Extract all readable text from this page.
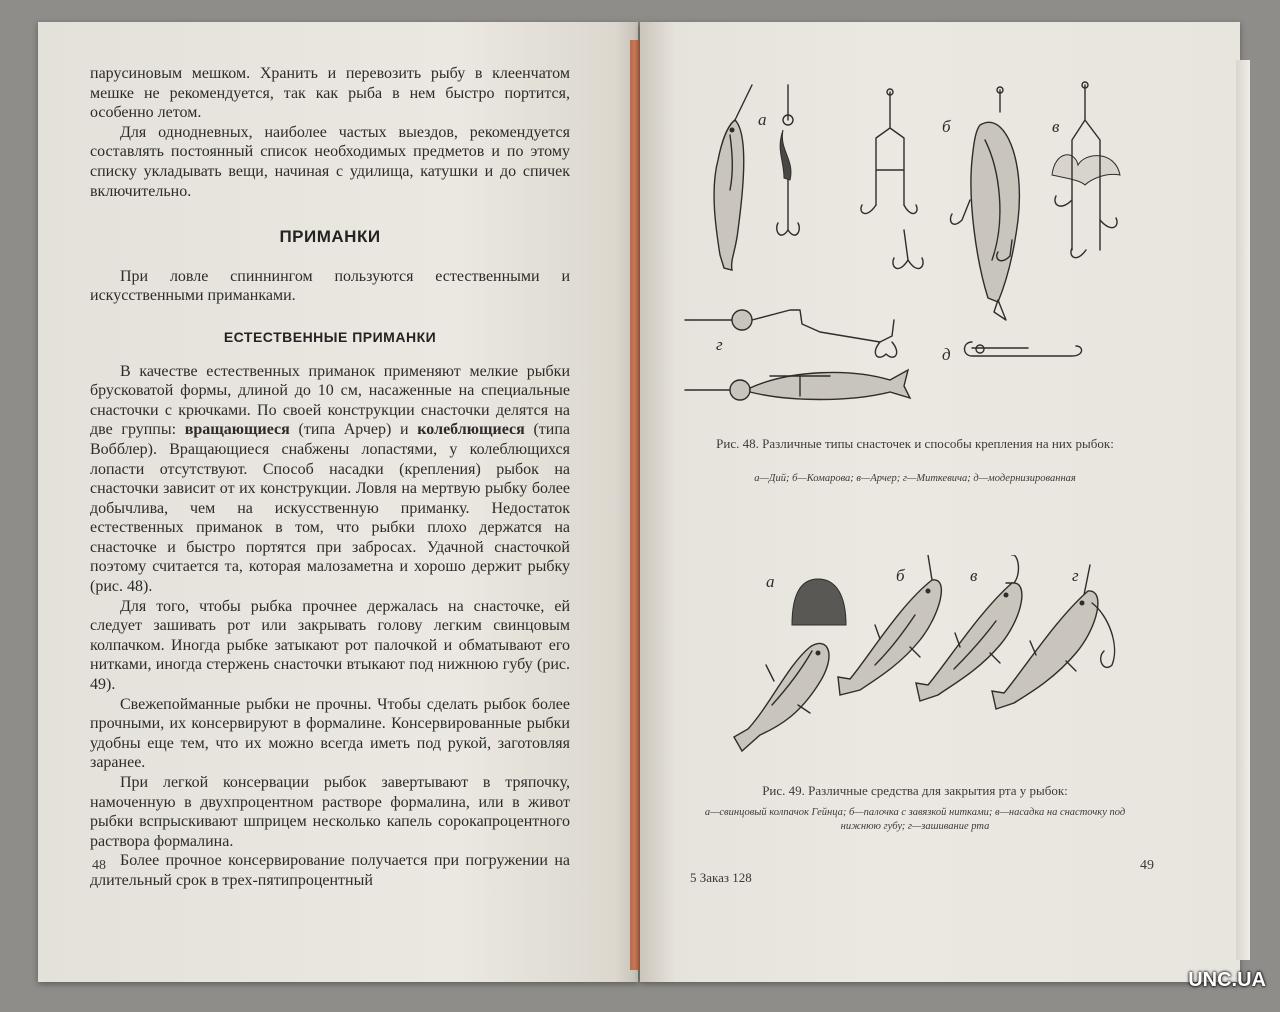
парусиновым мешком. Хранить и перевозить рыбу в клеенчатом мешке не рекомендуется, так как рыба в нем быстро портится, особенно летом.

Для однодневных, наиболее частых выездов, рекомендуется составлять постоянный список необходимых предметов и по этому списку укладывать вещи, начиная с удилища, катушки и до спичек включительно.

ПРИМАНКИ

При ловле спиннингом пользуются естественными и искусственными приманками.

ЕСТЕСТВЕННЫЕ ПРИМАНКИ

В качестве естественных приманок применяют мелкие рыбки брусковатой формы, длиной до 10 см, насаженные на специальные снасточки с крючками. По своей конструкции снасточки делятся на две группы: вращающиеся (типа Арчер) и колеблющиеся (типа Вобблер). Вращающиеся снабжены лопастями, у колеблющихся лопасти отсутствуют. Способ насадки (крепления) рыбок на снасточки зависит от их конструкции. Ловля на мертвую рыбку более добычлива, чем на искусственную приманку. Недостаток естественных приманок в том, что рыбки плохо держатся на снасточке и быстро портятся при забросах. Удачной снасточкой поэтому считается та, которая малозаметна и хорошо держит рыбку (рис. 48).

Для того, чтобы рыбка прочнее держалась на снасточке, ей следует зашивать рот или закрывать голову легким свинцовым колпачком. Иногда рыбке затыкают рот палочкой и обматывают его нитками, иногда стержень снасточки втыкают под нижнюю губу (рис. 49).

Свежепойманные рыбки не прочны. Чтобы сделать рыбок более прочными, их консервируют в формалине. Консервированные рыбки удобны еще тем, что их можно всегда иметь под рукой, заготовляя заранее.

При легкой консервации рыбок завертывают в тряпочку, намоченную в двухпроцентном растворе формалина, или в живот рыбки вспрыскивают шприцем несколько капель сорокапроцентного раствора формалина.

Более прочное консервирование получается при погружении на длительный срок в трех-пятипроцентный

48
а	б	в
г
д
Рис. 48. Различные типы снасточек и способы крепления на них рыбок:
а—Дий; б—Комарова; в—Арчер; г—Миткевича; д—модернизированная
а	б	в	г
Рис. 49. Различные средства для закрытия рта у рыбок:
а—свинцовый колпачок Гейнца; б—палочка с завязкой нитками; в—насадка на снасточку под нижнюю губу; г—зашивание рта
5 Заказ 128
49
UNC.UA
